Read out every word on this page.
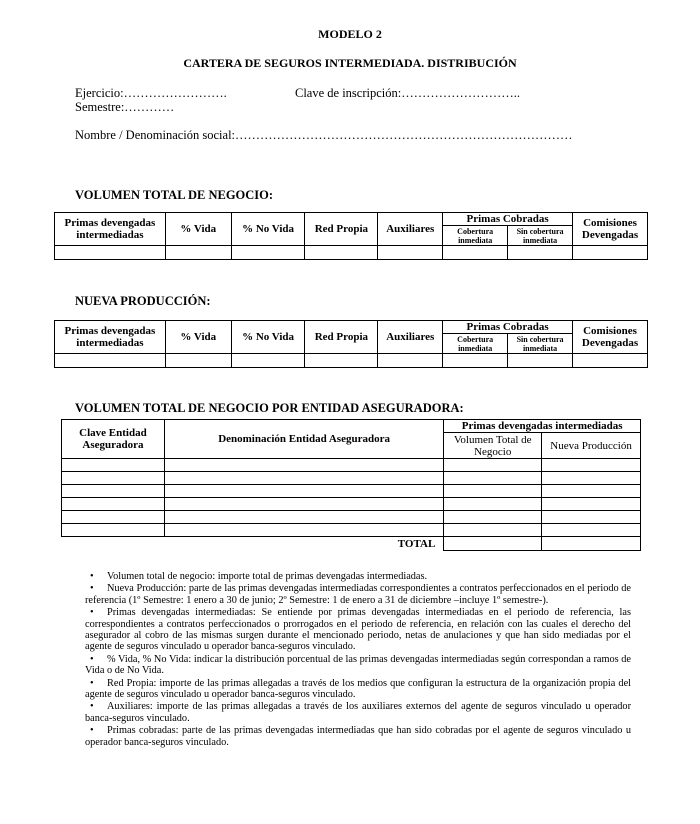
MODELO 2
CARTERA DE SEGUROS INTERMEDIADA. DISTRIBUCIÓN
Ejercicio:…………………….	Clave de inscripción:………………………..
Semestre:…………
Nombre / Denominación social:………………………………………………………………………
VOLUMEN TOTAL DE NEGOCIO:
Primas devengadas intermediadas	% Vida	% No Vida	Red Propia	Auxiliares	Primas Cobradas		Comisiones Devengadas
					Cobertura inmediata	Sin cobertura inmediata	

NUEVA PRODUCCIÓN:
Primas devengadas intermediadas	% Vida	% No Vida	Red Propia	Auxiliares	Primas Cobradas		Comisiones Devengadas
					Cobertura inmediata	Sin cobertura inmediata	

VOLUMEN TOTAL DE NEGOCIO POR ENTIDAD ASEGURADORA:
Clave Entidad Aseguradora	Denominación Entidad Aseguradora	Primas devengadas intermediadas	
		Volumen Total de Negocio	Nueva Producción

TOTAL			

• Volumen total de negocio: importe total de primas devengadas intermediadas.

• Nueva Producción: parte de las primas devengadas intermediadas correspondientes a contratos perfeccionados en el periodo de referencia (1º Semestre: 1 enero a 30 de junio; 2º Semestre: 1 de enero a 31 de diciembre –incluye 1º semestre-).

• Primas devengadas intermediadas: Se entiende por primas devengadas intermediadas en el periodo de referencia, las correspondientes a contratos perfeccionados o prorrogados en el periodo de referencia, en relación con las cuales el derecho del asegurador al cobro de las mismas surgen durante el mencionado periodo, netas de anulaciones y que han sido mediadas por el agente de seguros vinculado u operador banca-seguros vinculado.

• % Vida, % No Vida: indicar la distribución porcentual de las primas devengadas intermediadas según correspondan a ramos de Vida o de No Vida.

• Red Propia: importe de las primas allegadas a través de los medios que configuran la estructura de la organización propia del agente de seguros vinculado u operador banca-seguros vinculado.

• Auxiliares: importe de las primas allegadas a través de los auxiliares externos del agente de seguros vinculado u operador banca-seguros vinculado.

• Primas cobradas: parte de las primas devengadas intermediadas que han sido cobradas por el agente de seguros vinculado u operador banca-seguros vinculado.
